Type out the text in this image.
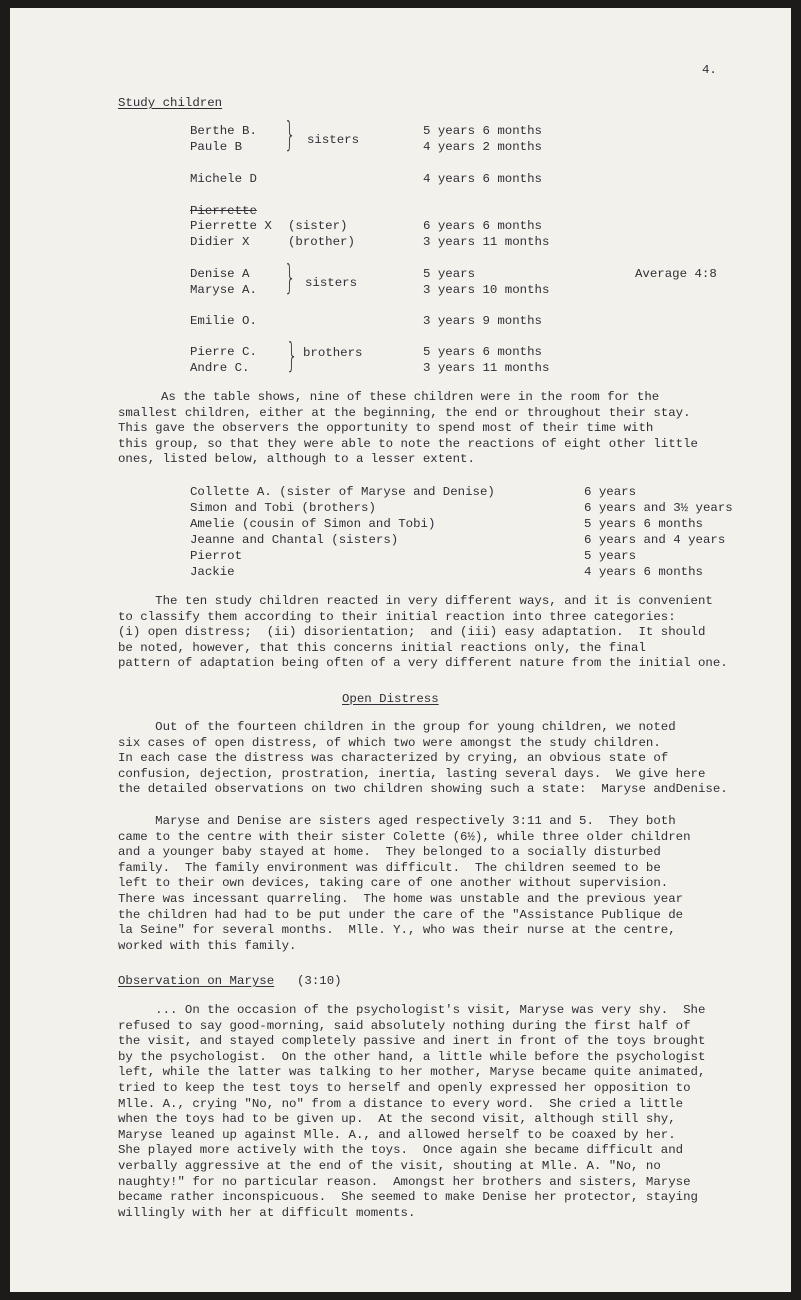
4.
Study children
Berthe B.	5 years 6 months
Paule B	4 years 2 months
} sisters
Michele D	4 years 6 months
Pierrette
Pierrette X (sister)	6 years 6 months
Didier X	(brother)	3 years 11 months
Denise A	5 years	Average 4:8
Maryse A.	3 years 10 months
} sisters
Emilie O.	3 years 9 months
Pierre C.	5 years 6 months
Andre C.	3 years 11 months
} brothers
As the table shows, nine of these children were in the room for the
smallest children, either at the beginning, the end or throughout their stay.
This gave the observers the opportunity to spend most of their time with
this group, so that they were able to note the reactions of eight other little
ones, listed below, although to a lesser extent.
Collette A. (sister of Maryse and Denise)	6 years
Simon and Tobi (brothers)	6 years and 3½ years
Amelie (cousin of Simon and Tobi)	5 years 6 months
Jeanne and Chantal (sisters)	6 years and 4 years
Pierrot	5 years
Jackie	4 years 6 months
The ten study children reacted in very different ways, and it is convenient
to classify them according to their initial reaction into three categories:
(i) open distress;  (ii) disorientation;  and (iii) easy adaptation.  It should
be noted, however, that this concerns initial reactions only, the final
pattern of adaptation being often of a very different nature from the initial one.
Open Distress
Out of the fourteen children in the group for young children, we noted
six cases of open distress, of which two were amongst the study children.
In each case the distress was characterized by crying, an obvious state of
confusion, dejection, prostration, inertia, lasting several days.  We give here
the detailed observations on two children showing such a state:  Maryse andDenise.
Maryse and Denise are sisters aged respectively 3:11 and 5.  They both
came to the centre with their sister Colette (6½), while three older children
and a younger baby stayed at home.  They belonged to a socially disturbed
family.  The family environment was difficult.  The children seemed to be
left to their own devices, taking care of one another without supervision.
There was incessant quarreling.  The home was unstable and the previous year
the children had had to be put under the care of the "Assistance Publique de
la Seine" for several months.  Mlle. Y., who was their nurse at the centre,
worked with this family.
Observation on Maryse (3:10)
... On the occasion of the psychologist's visit, Maryse was very shy.  She
refused to say good-morning, said absolutely nothing during the first half of
the visit, and stayed completely passive and inert in front of the toys brought
by the psychologist.  On the other hand, a little while before the psychologist
left, while the latter was talking to her mother, Maryse became quite animated,
tried to keep the test toys to herself and openly expressed her opposition to
Mlle. A., crying "No, no" from a distance to every word.  She cried a little
when the toys had to be given up.  At the second visit, although still shy,
Maryse leaned up against Mlle. A., and allowed herself to be coaxed by her.
She played more actively with the toys.  Once again she became difficult and
verbally aggressive at the end of the visit, shouting at Mlle. A. "No, no
naughty!" for no particular reason.  Amongst her brothers and sisters, Maryse
became rather inconspicuous.  She seemed to make Denise her protector, staying
willingly with her at difficult moments.
